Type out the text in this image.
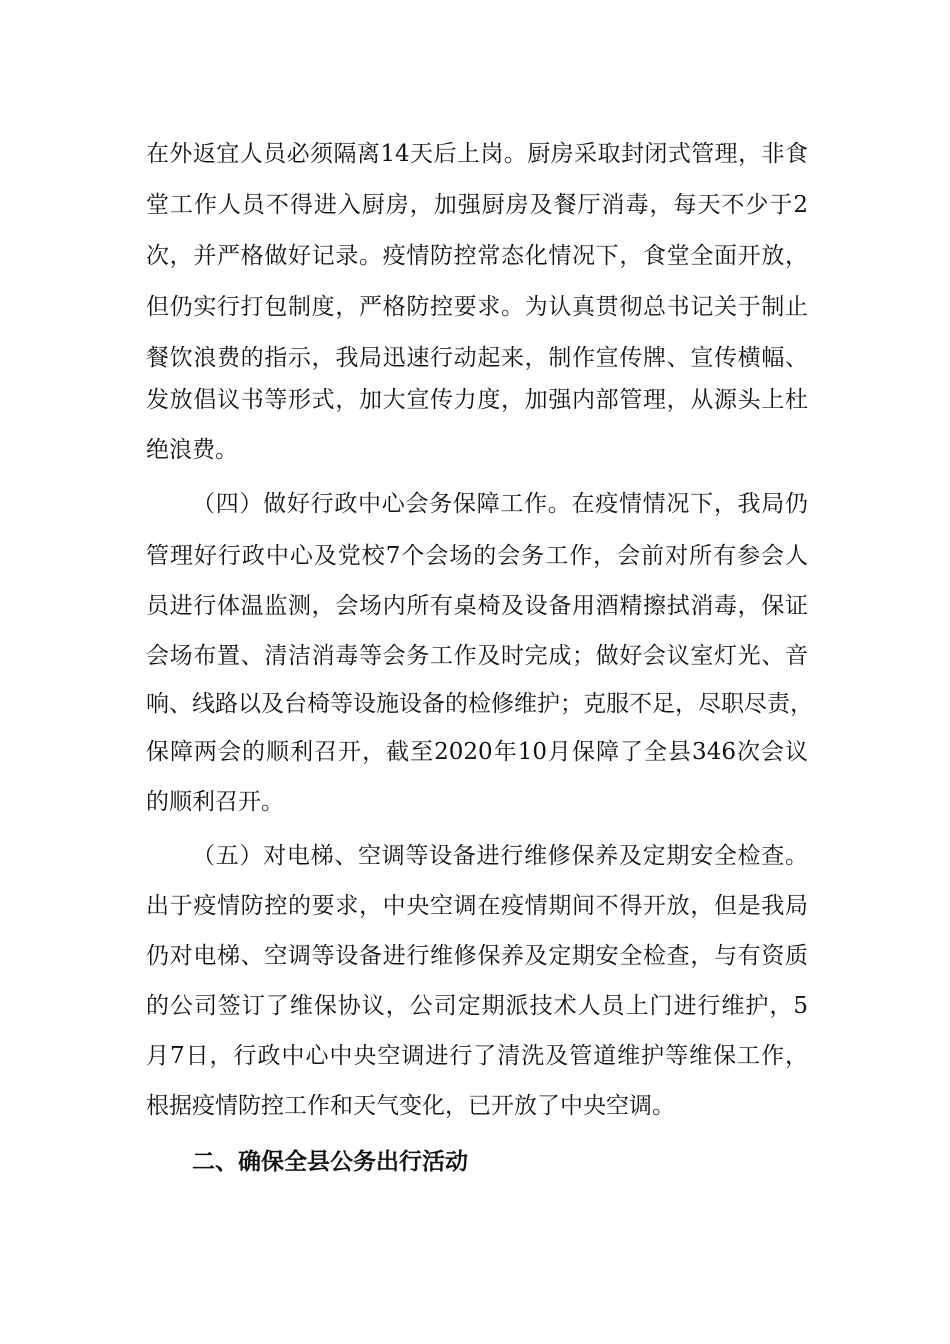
在外返宜人员必须隔离14天后上岗。厨房采取封闭式管理，非食
堂工作人员不得进入厨房，加强厨房及餐厅消毒，每天不少于2
次，并严格做好记录。疫情防控常态化情况下，食堂全面开放，
但仍实行打包制度，严格防控要求。为认真贯彻总书记关于制止
餐饮浪费的指示，我局迅速行动起来，制作宣传牌、宣传横幅、
发放倡议书等形式，加大宣传力度，加强内部管理，从源头上杜
绝浪费。
（四）做好行政中心会务保障工作。在疫情情况下，我局仍
管理好行政中心及党校7个会场的会务工作，会前对所有参会人
员进行体温监测，会场内所有桌椅及设备用酒精擦拭消毒，保证
会场布置、清洁消毒等会务工作及时完成；做好会议室灯光、音
响、线路以及台椅等设施设备的检修维护；克服不足，尽职尽责，
保障两会的顺利召开，截至2020年10月保障了全县346次会议
的顺利召开。
（五）对电梯、空调等设备进行维修保养及定期安全检查。
出于疫情防控的要求，中央空调在疫情期间不得开放，但是我局
仍对电梯、空调等设备进行维修保养及定期安全检查，与有资质
的公司签订了维保协议，公司定期派技术人员上门进行维护，5
月7日，行政中心中央空调进行了清洗及管道维护等维保工作，
根据疫情防控工作和天气变化，已开放了中央空调。
二、确保全县公务出行活动
